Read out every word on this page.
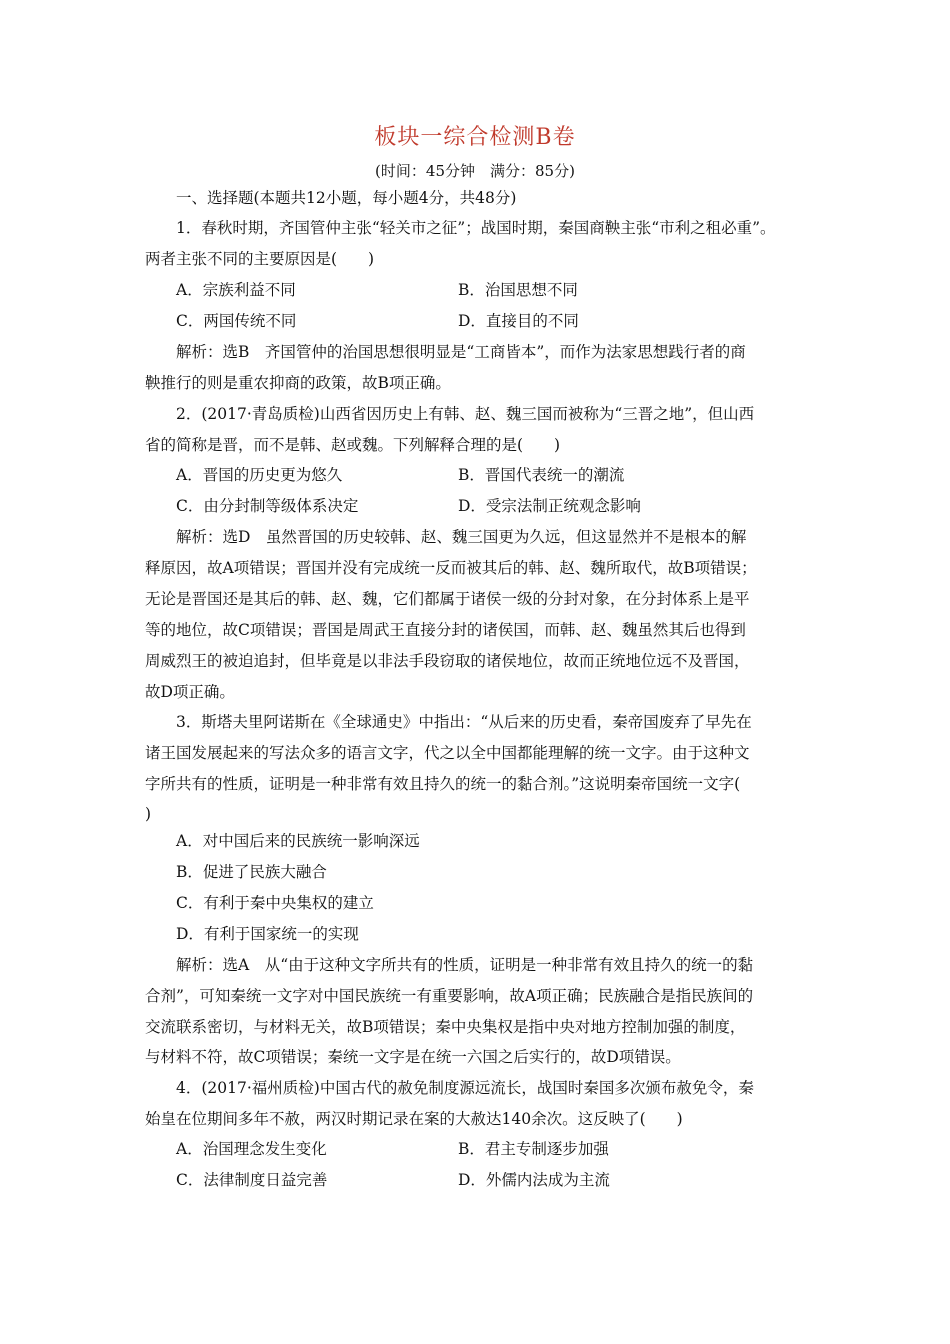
板块一综合检测B卷
(时间：45分钟　满分：85分)
一、选择题(本题共12小题，每小题4分，共48分)
1．春秋时期，齐国管仲主张“轻关市之征”；战国时期，秦国商鞅主张“市利之租必重”。
两者主张不同的主要原因是(　　)
A．宗族利益不同	B．治国思想不同
C．两国传统不同	D．直接目的不同
解析：选B　齐国管仲的治国思想很明显是“工商皆本”，而作为法家思想践行者的商
鞅推行的则是重农抑商的政策，故B项正确。
2．(2017·青岛质检)山西省因历史上有韩、赵、魏三国而被称为“三晋之地”，但山西
省的简称是晋，而不是韩、赵或魏。下列解释合理的是(　　)
A．晋国的历史更为悠久	B．晋国代表统一的潮流
C．由分封制等级体系决定	D．受宗法制正统观念影响
解析：选D　虽然晋国的历史较韩、赵、魏三国更为久远，但这显然并不是根本的解
释原因，故A项错误；晋国并没有完成统一反而被其后的韩、赵、魏所取代，故B项错误；
无论是晋国还是其后的韩、赵、魏，它们都属于诸侯一级的分封对象，在分封体系上是平
等的地位，故C项错误；晋国是周武王直接分封的诸侯国，而韩、赵、魏虽然其后也得到
周威烈王的被迫追封，但毕竟是以非法手段窃取的诸侯地位，故而正统地位远不及晋国，
故D项正确。
3．斯塔夫里阿诺斯在《全球通史》中指出：“从后来的历史看，秦帝国废弃了早先在
诸王国发展起来的写法众多的语言文字，代之以全中国都能理解的统一文字。由于这种文
字所共有的性质，证明是一种非常有效且持久的统一的黏合剂。”这说明秦帝国统一文字(
)
A．对中国后来的民族统一影响深远
B．促进了民族大融合
C．有利于秦中央集权的建立
D．有利于国家统一的实现
解析：选A　从“由于这种文字所共有的性质，证明是一种非常有效且持久的统一的黏
合剂”，可知秦统一文字对中国民族统一有重要影响，故A项正确；民族融合是指民族间的
交流联系密切，与材料无关，故B项错误；秦中央集权是指中央对地方控制加强的制度，
与材料不符，故C项错误；秦统一文字是在统一六国之后实行的，故D项错误。
4．(2017·福州质检)中国古代的赦免制度源远流长，战国时秦国多次颁布赦免令，秦
始皇在位期间多年不赦，两汉时期记录在案的大赦达140余次。这反映了(　　)
A．治国理念发生变化	B．君主专制逐步加强
C．法律制度日益完善	D．外儒内法成为主流
